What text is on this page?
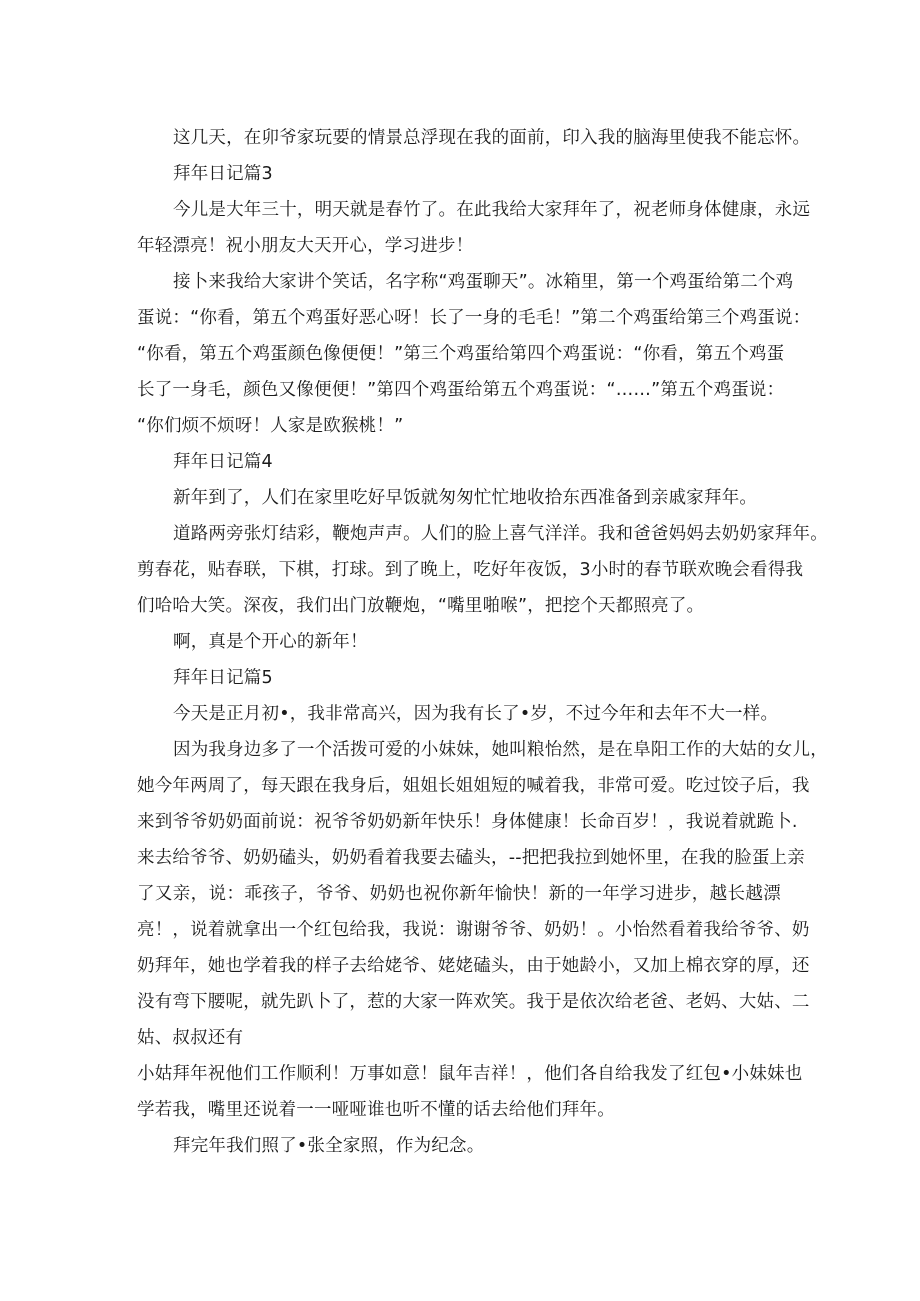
这几天，在卯爷家玩要的情景总浮现在我的面前，印入我的脑海里使我不能忘怀。
拜年日记篇3
今儿是大年三十，明天就是春竹了。在此我给大家拜年了，祝老师身体健康，永远
年轻漂亮！祝小朋友大天开心，学习进步！
接卜来我给大家讲个笑话，名字称“鸡蛋聊天”。冰箱里，第一个鸡蛋给第二个鸡
蛋说：“你看，第五个鸡蛋好恶心呀！长了一身的毛毛！”第二个鸡蛋给第三个鸡蛋说：
“你看，第五个鸡蛋颜色像便便！”第三个鸡蛋给第四个鸡蛋说：“你看，第五个鸡蛋
长了一身毛，颜色又像便便！”第四个鸡蛋给第五个鸡蛋说：“……”第五个鸡蛋说：
“你们烦不烦呀！人家是欧猴桃！”
拜年日记篇4
新年到了，人们在家里吃好早饭就匆匆忙忙地收拾东西准备到亲戚家拜年。
道路两旁张灯结彩，鞭炮声声。人们的脸上喜气洋洋。我和爸爸妈妈去奶奶家拜年。
剪春花，贴春联，下棋，打球。到了晚上，吃好年夜饭，3小时的春节联欢晚会看得我
们哈哈大笑。深夜，我们出门放鞭炮，“嘴里啪喉”，把挖个天都照亮了。
啊，真是个开心的新年！
拜年日记篇5
今天是正月初•，我非常高兴，因为我有长了•岁，不过今年和去年不大一样。
因为我身边多了一个活拨可爱的小妹妹，她叫粮怡然，是在阜阳工作的大姑的女儿，
她今年两周了，每天跟在我身后，姐姐长姐姐短的喊着我，非常可爱。吃过饺子后，我
来到爷爷奶奶面前说：祝爷爷奶奶新年快乐！身体健康！长命百岁！，我说着就跪卜.
来去给爷爷、奶奶磕头，奶奶看着我要去磕头，--把把我拉到她怀里，在我的脸蛋上亲
了又亲，说：乖孩子，爷爷、奶奶也祝你新年愉快！新的一年学习进步，越长越漂
亮！，说着就拿出一个红包给我，我说：谢谢爷爷、奶奶！。小怡然看着我给爷爷、奶
奶拜年，她也学着我的样子去给姥爷、姥姥磕头，由于她龄小，又加上棉衣穿的厚，还
没有弯下腰呢，就先趴卜了，惹的大家一阵欢笑。我于是依次给老爸、老妈、大姑、二
姑、叔叔还有
小姑拜年祝他们工作顺利！万事如意！鼠年吉祥！，他们各自给我发了红包•小妹妹也
学若我，嘴里还说着一一哑哑谁也听不懂的话去给他们拜年。
拜完年我们照了•张全家照，作为纪念。
